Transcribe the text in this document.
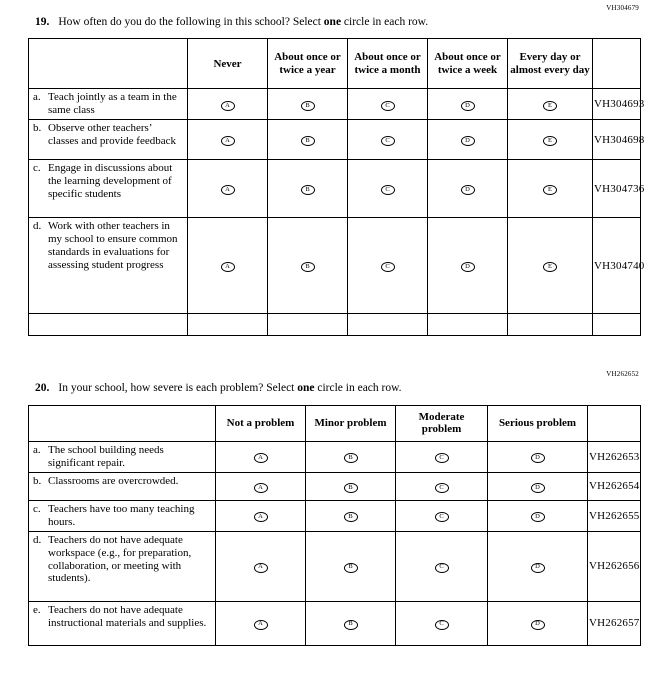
VH304679

19. How often do you do the following in this school? Select one circle in each row.

	Never	About once or twice a year	About once or twice a month	About once or twice a week	Every day or almost every day	

a. Teach jointly as a team in the same class	A	B	C	D	E	VH304693

b. Observe other teachers’ classes and provide feedback	A	B	C	D	E	VH304698

c. Engage in discussions about the learning development of specific students	A	B	C	D	E	VH304736

d. Work with other teachers in my school to ensure common standards in evaluations for assessing student progress	A	B	C	D	E	VH304740

VH262652

20. In your school, how severe is each problem? Select one circle in each row.

	Not a problem	Minor problem	Moderate problem	Serious problem	

a. The school building needs significant repair.	A	B	C	D	VH262653

b. Classrooms are overcrowded.	A	B	C	D	VH262654

c. Teachers have too many teaching hours.	A	B	C	D	VH262655

d. Teachers do not have adequate workspace (e.g., for preparation, collaboration, or meeting with students).	A	B	C	D	VH262656

e. Teachers do not have adequate instructional materials and supplies.	A	B	C	D	VH262657
